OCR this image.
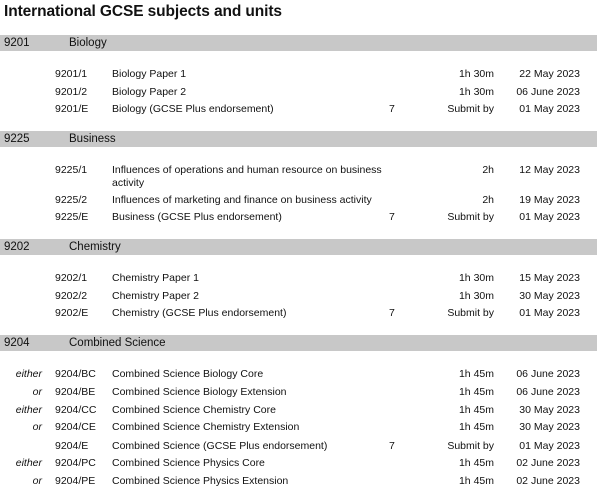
International GCSE subjects and units
9201	Biology
9201/1 Biology Paper 1	1h 30m 22 May 2023
9201/2 Biology Paper 2	1h 30m 06 June 2023
9201/E Biology (GCSE Plus endorsement)	7	Submit by 01 May 2023
9225	Business
9225/1 Influences of operations and human resource on business activity
2h 12 May 2023
9225/2 Influences of marketing and finance on business activity	2h 19 May 2023
9225/E Business (GCSE Plus endorsement)	7	Submit by 01 May 2023
9202	Chemistry
9202/1 Chemistry Paper 1	1h 30m 15 May 2023
9202/2 Chemistry Paper 2	1h 30m 30 May 2023
9202/E Chemistry (GCSE Plus endorsement)	7	Submit by 01 May 2023
9204	Combined Science
either 9204/BC Combined Science Biology Core	1h 45m 06 June 2023
or 9204/BE Combined Science Biology Extension	1h 45m 06 June 2023
either 9204/CC Combined Science Chemistry Core	1h 45m 30 May 2023
or 9204/CE Combined Science Chemistry Extension	1h 45m 30 May 2023
9204/E Combined Science (GCSE Plus endorsement)	7	Submit by 01 May 2023
either 9204/PC Combined Science Physics Core	1h 45m 02 June 2023
or 9204/PE Combined Science Physics Extension	1h 45m 02 June 2023
